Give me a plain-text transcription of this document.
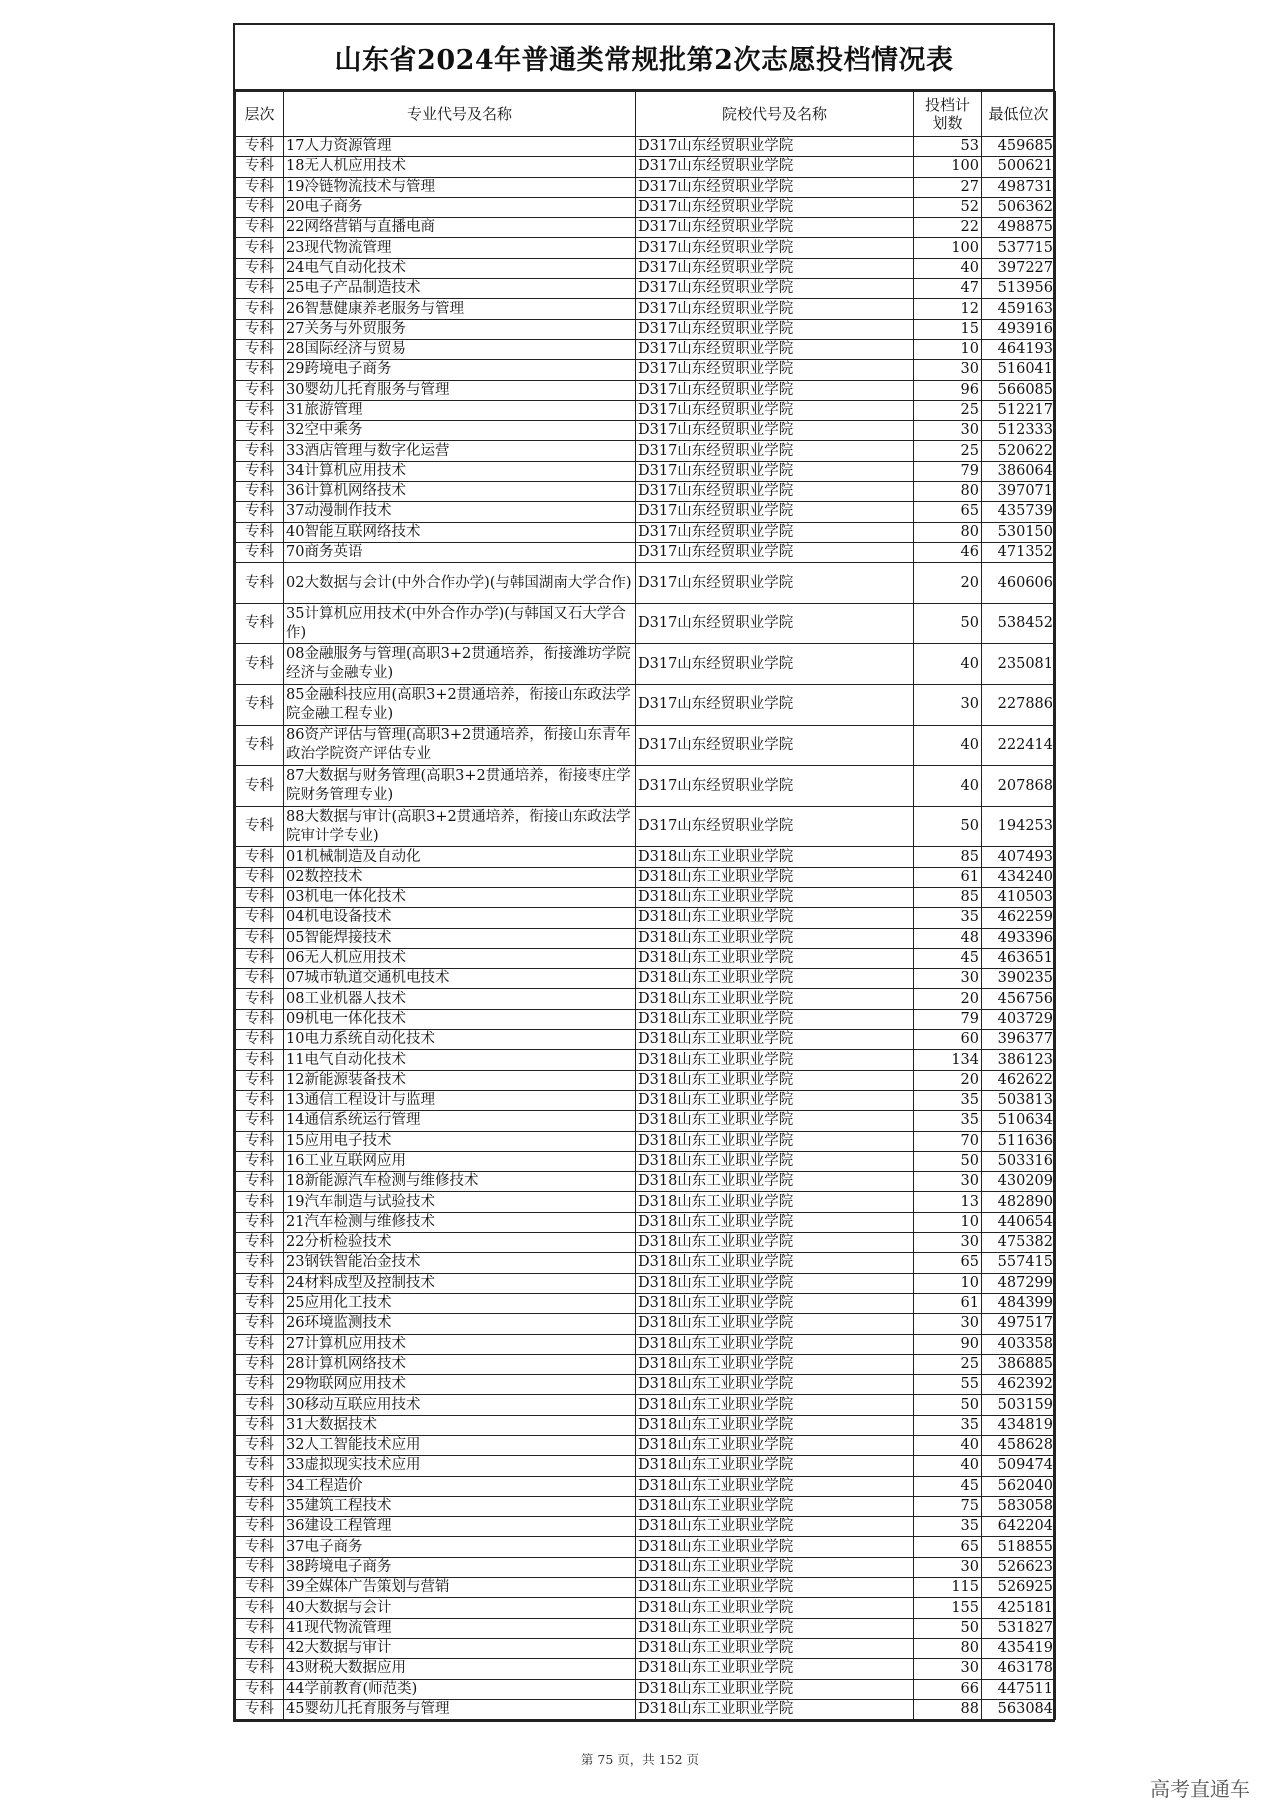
山东省2024年普通类常规批第2次志愿投档情况表
层次	专业代号及名称	院校代号及名称	投档计划数	最低位次
专科	17人力资源管理	D317山东经贸职业学院	53	459685
专科	18无人机应用技术	D317山东经贸职业学院	100	500621
专科	19冷链物流技术与管理	D317山东经贸职业学院	27	498731
专科	20电子商务	D317山东经贸职业学院	52	506362
专科	22网络营销与直播电商	D317山东经贸职业学院	22	498875
专科	23现代物流管理	D317山东经贸职业学院	100	537715
专科	24电气自动化技术	D317山东经贸职业学院	40	397227
专科	25电子产品制造技术	D317山东经贸职业学院	47	513956
专科	26智慧健康养老服务与管理	D317山东经贸职业学院	12	459163
专科	27关务与外贸服务	D317山东经贸职业学院	15	493916
专科	28国际经济与贸易	D317山东经贸职业学院	10	464193
专科	29跨境电子商务	D317山东经贸职业学院	30	516041
专科	30婴幼儿托育服务与管理	D317山东经贸职业学院	96	566085
专科	31旅游管理	D317山东经贸职业学院	25	512217
专科	32空中乘务	D317山东经贸职业学院	30	512333
专科	33酒店管理与数字化运营	D317山东经贸职业学院	25	520622
专科	34计算机应用技术	D317山东经贸职业学院	79	386064
专科	36计算机网络技术	D317山东经贸职业学院	80	397071
专科	37动漫制作技术	D317山东经贸职业学院	65	435739
专科	40智能互联网络技术	D317山东经贸职业学院	80	530150
专科	70商务英语	D317山东经贸职业学院	46	471352
专科	02大数据与会计(中外合作办学)(与韩国湖南大学合作)	D317山东经贸职业学院	20	460606
专科	35计算机应用技术(中外合作办学)(与韩国又石大学合作)	D317山东经贸职业学院	50	538452
专科	08金融服务与管理(高职3+2贯通培养，衔接潍坊学院经济与金融专业)	D317山东经贸职业学院	40	235081
专科	85金融科技应用(高职3+2贯通培养，衔接山东政法学院金融工程专业)	D317山东经贸职业学院	30	227886
专科	86资产评估与管理(高职3+2贯通培养，衔接山东青年政治学院资产评估专业	D317山东经贸职业学院	40	222414
专科	87大数据与财务管理(高职3+2贯通培养，衔接枣庄学院财务管理专业)	D317山东经贸职业学院	40	207868
专科	88大数据与审计(高职3+2贯通培养，衔接山东政法学院审计学专业)	D317山东经贸职业学院	50	194253
专科	01机械制造及自动化	D318山东工业职业学院	85	407493
专科	02数控技术	D318山东工业职业学院	61	434240
专科	03机电一体化技术	D318山东工业职业学院	85	410503
专科	04机电设备技术	D318山东工业职业学院	35	462259
专科	05智能焊接技术	D318山东工业职业学院	48	493396
专科	06无人机应用技术	D318山东工业职业学院	45	463651
专科	07城市轨道交通机电技术	D318山东工业职业学院	30	390235
专科	08工业机器人技术	D318山东工业职业学院	20	456756
专科	09机电一体化技术	D318山东工业职业学院	79	403729
专科	10电力系统自动化技术	D318山东工业职业学院	60	396377
专科	11电气自动化技术	D318山东工业职业学院	134	386123
专科	12新能源装备技术	D318山东工业职业学院	20	462622
专科	13通信工程设计与监理	D318山东工业职业学院	35	503813
专科	14通信系统运行管理	D318山东工业职业学院	35	510634
专科	15应用电子技术	D318山东工业职业学院	70	511636
专科	16工业互联网应用	D318山东工业职业学院	50	503316
专科	18新能源汽车检测与维修技术	D318山东工业职业学院	30	430209
专科	19汽车制造与试验技术	D318山东工业职业学院	13	482890
专科	21汽车检测与维修技术	D318山东工业职业学院	10	440654
专科	22分析检验技术	D318山东工业职业学院	30	475382
专科	23钢铁智能冶金技术	D318山东工业职业学院	65	557415
专科	24材料成型及控制技术	D318山东工业职业学院	10	487299
专科	25应用化工技术	D318山东工业职业学院	61	484399
专科	26环境监测技术	D318山东工业职业学院	30	497517
专科	27计算机应用技术	D318山东工业职业学院	90	403358
专科	28计算机网络技术	D318山东工业职业学院	25	386885
专科	29物联网应用技术	D318山东工业职业学院	55	462392
专科	30移动互联应用技术	D318山东工业职业学院	50	503159
专科	31大数据技术	D318山东工业职业学院	35	434819
专科	32人工智能技术应用	D318山东工业职业学院	40	458628
专科	33虚拟现实技术应用	D318山东工业职业学院	40	509474
专科	34工程造价	D318山东工业职业学院	45	562040
专科	35建筑工程技术	D318山东工业职业学院	75	583058
专科	36建设工程管理	D318山东工业职业学院	35	642204
专科	37电子商务	D318山东工业职业学院	65	518855
专科	38跨境电子商务	D318山东工业职业学院	30	526623
专科	39全媒体广告策划与营销	D318山东工业职业学院	115	526925
专科	40大数据与会计	D318山东工业职业学院	155	425181
专科	41现代物流管理	D318山东工业职业学院	50	531827
专科	42大数据与审计	D318山东工业职业学院	80	435419
专科	43财税大数据应用	D318山东工业职业学院	30	463178
专科	44学前教育(师范类)	D318山东工业职业学院	66	447511
专科	45婴幼儿托育服务与管理	D318山东工业职业学院	88	563084
第 75 页，共 152 页
高考直通车
